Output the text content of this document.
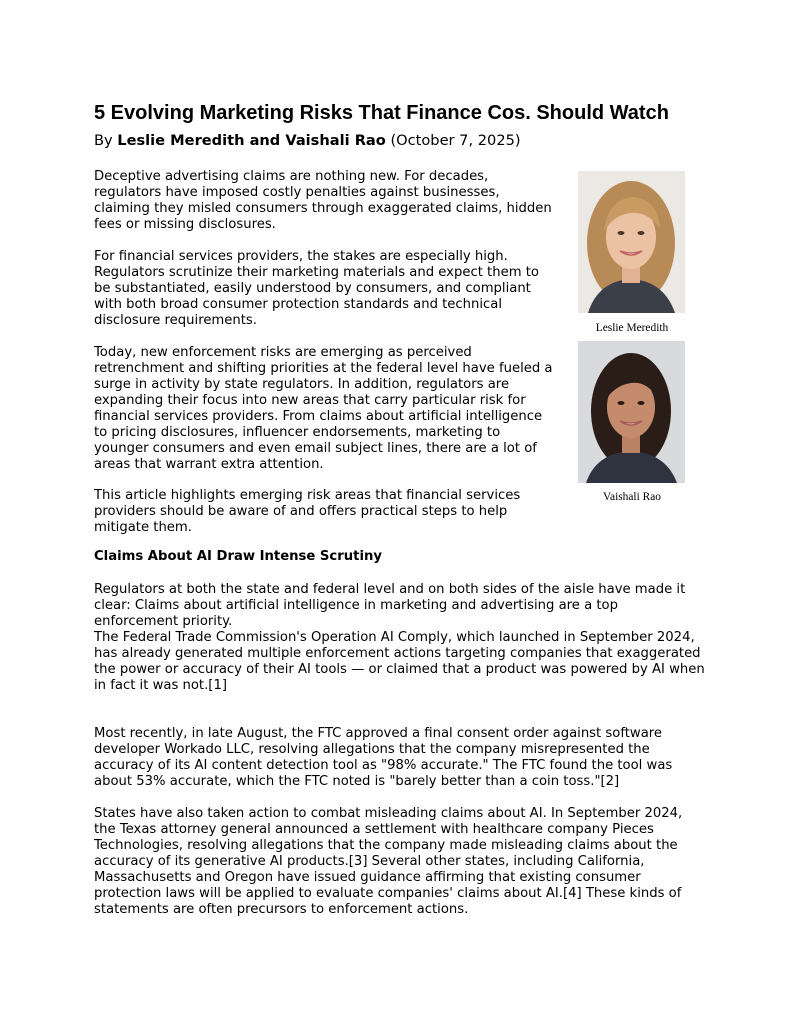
5 Evolving Marketing Risks That Finance Cos. Should Watch
By Leslie Meredith and Vaishali Rao (October 7, 2025)

Deceptive advertising claims are nothing new. For decades, regulators have imposed costly penalties against businesses, claiming they misled consumers through exaggerated claims, hidden fees or missing disclosures.

For financial services providers, the stakes are especially high. Regulators scrutinize their marketing materials and expect them to be substantiated, easily understood by consumers, and compliant with both broad consumer protection standards and technical disclosure requirements.

Today, new enforcement risks are emerging as perceived retrenchment and shifting priorities at the federal level have fueled a surge in activity by state regulators. In addition, regulators are expanding their focus into new areas that carry particular risk for financial services providers. From claims about artificial intelligence to pricing disclosures, influencer endorsements, marketing to younger consumers and even email subject lines, there are a lot of areas that warrant extra attention.

This article highlights emerging risk areas that financial services providers should be aware of and offers practical steps to help mitigate them.

Claims About AI Draw Intense Scrutiny

Regulators at both the state and federal level and on both sides of the aisle have made it clear: Claims about artificial intelligence in marketing and advertising are a top enforcement priority.

The Federal Trade Commission's Operation AI Comply, which launched in September 2024, has already generated multiple enforcement actions targeting companies that exaggerated the power or accuracy of their AI tools — or claimed that a product was powered by AI when in fact it was not.[1]

Most recently, in late August, the FTC approved a final consent order against software developer Workado LLC, resolving allegations that the company misrepresented the accuracy of its AI content detection tool as "98% accurate." The FTC found the tool was about 53% accurate, which the FTC noted is "barely better than a coin toss."[2]

States have also taken action to combat misleading claims about AI. In September 2024, the Texas attorney general announced a settlement with healthcare company Pieces Technologies, resolving allegations that the company made misleading claims about the accuracy of its generative AI products.[3] Several other states, including California, Massachusetts and Oregon have issued guidance affirming that existing consumer protection laws will be applied to evaluate companies' claims about AI.[4] These kinds of statements are often precursors to enforcement actions.

Leslie Meredith
Vaishali Rao
